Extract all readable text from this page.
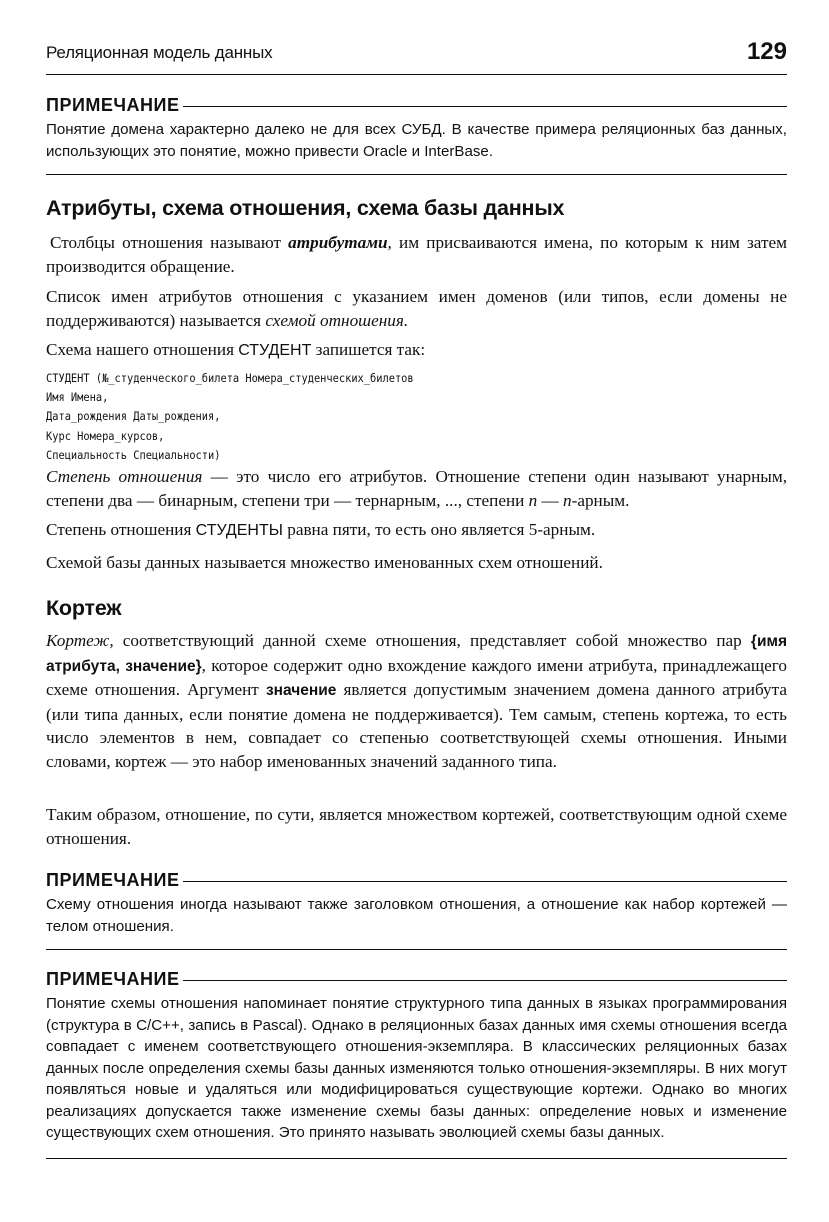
Реляционная модель данных	129
ПРИМЕЧАНИЕ

Понятие домена характерно далеко не для всех СУБД. В качестве примера реляционных баз данных, использующих это понятие, можно привести Oracle и InterBase.

Атрибуты, схема отношения, схема базы данных

Столбцы отношения называют атрибутами, им присваиваются имена, по которым к ним затем производится обращение.

Список имен атрибутов отношения с указанием имен доменов (или типов, если домены не поддерживаются) называется схемой отношения.

Схема нашего отношения СТУДЕНТ запишется так:

СТУДЕНТ (№_студенческого_билета Номера_студенческих_билетов
Имя Имена,
Дата_рождения Даты_рождения,
Курс Номера_курсов,
Специальность Специальности)

Степень отношения — это число его атрибутов. Отношение степени один называют унарным, степени два — бинарным, степени три — тернарным, ..., степени n — n-арным.

Степень отношения СТУДЕНТЫ равна пяти, то есть оно является 5-арным.

Схемой базы данных называется множество именованных схем отношений.

Кортеж

Кортеж, соответствующий данной схеме отношения, представляет собой множество пар {имя атрибута, значение}, которое содержит одно вхождение каждого имени атрибута, принадлежащего схеме отношения. Аргумент значение является допустимым значением домена данного атрибута (или типа данных, если понятие домена не поддерживается). Тем самым, степень кортежа, то есть число элементов в нем, совпадает со степенью соответствующей схемы отношения. Иными словами, кортеж — это набор именованных значений заданного типа.

Таким образом, отношение, по сути, является множеством кортежей, соответствующим одной схеме отношения.

ПРИМЕЧАНИЕ

Схему отношения иногда называют также заголовком отношения, а отношение как набор кортежей — телом отношения.

ПРИМЕЧАНИЕ

Понятие схемы отношения напоминает понятие структурного типа данных в языках программирования (структура в C/C++, запись в Pascal). Однако в реляционных базах данных имя схемы отношения всегда совпадает с именем соответствующего отношения-экземпляра. В классических реляционных базах данных после определения схемы базы данных изменяются только отношения-экземпляры. В них могут появляться новые и удаляться или модифицироваться существующие кортежи. Однако во многих реализациях допускается также изменение схемы базы данных: определение новых и изменение существующих схем отношения. Это принято называть эволюцией схемы базы данных.
